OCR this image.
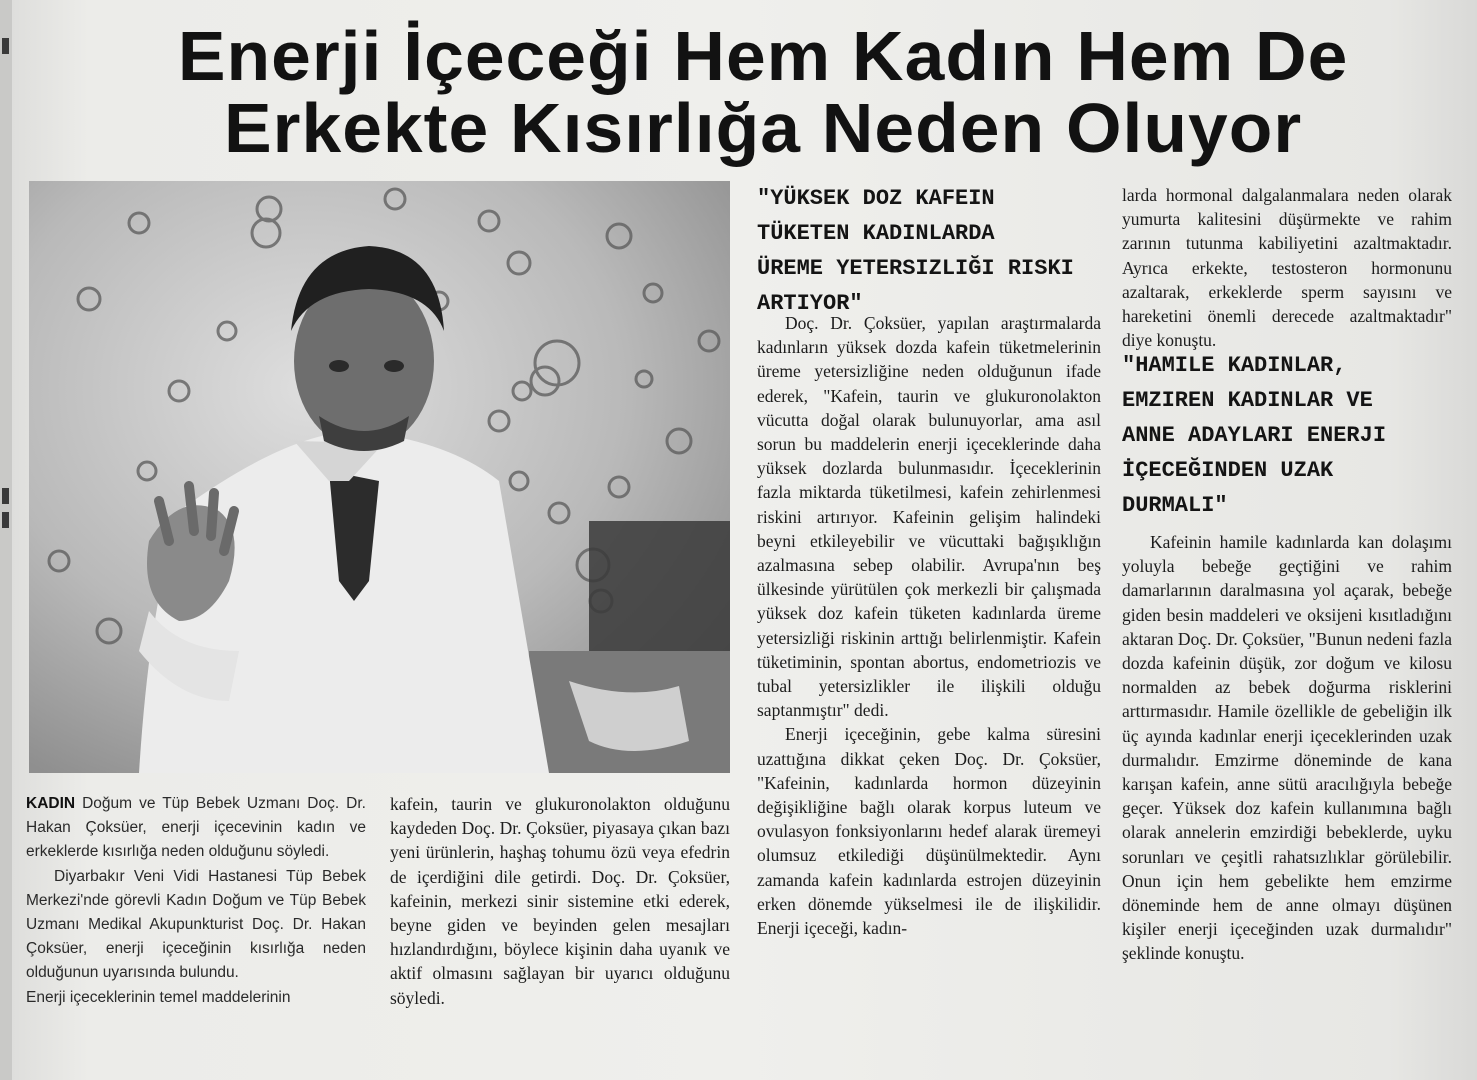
Enerji İçeceği Hem Kadın Hem De
Erkekte Kısırlığa Neden Oluyor

KADIN Doğum ve Tüp Bebek Uzmanı Doç. Dr. Hakan Çoksüer, enerji içecevinin kadın ve erkeklerde kısırlığa neden olduğunu söyledi.

Diyarbakır Veni Vidi Hastanesi Tüp Bebek Merkezi'nde görevli Kadın Doğum ve Tüp Bebek Uzmanı Medikal Akupunkturist Doç. Dr. Hakan Çoksüer, enerji içeceğinin kısırlığa neden olduğunun uyarısında bulundu.

Enerji içeceklerinin temel maddelerinin

kafein, taurin ve glukuronolakton olduğunu kaydeden Doç. Dr. Çoksüer, piyasaya çıkan bazı yeni ürünlerin, haşhaş tohumu özü veya efedrin de içerdiğini dile getirdi. Doç. Dr. Çoksüer, kafeinin, merkezi sinir sistemine etki ederek, beyne giden ve beyinden gelen mesajları hızlandırdığını, böylece kişinin daha uyanık ve aktif olmasını sağlayan bir uyarıcı olduğunu söyledi.

"YÜKSEK DOZ KAFEIN
TÜKETEN KADINLARDA
ÜREME YETERSIZLIĞI RISKI
ARTIYOR"

Doç. Dr. Çoksüer, yapılan araştırmalarda kadınların yüksek dozda kafein tüketmelerinin üreme yetersizliğine neden olduğunun ifade ederek, "Kafein, taurin ve glukuronolakton vücutta doğal olarak bulunuyorlar, ama asıl sorun bu maddelerin enerji içeceklerinde daha yüksek dozlarda bulunmasıdır. İçeceklerinin fazla miktarda tüketilmesi, kafein zehirlenmesi riskini artırıyor. Kafeinin gelişim halindeki beyni etkileyebilir ve vücuttaki bağışıklığın azalmasına sebep olabilir. Avrupa'nın beş ülkesinde yürütülen çok merkezli bir çalışmada yüksek doz kafein tüketen kadınlarda üreme yetersizliği riskinin arttığı belirlenmiştir. Kafein tüketiminin, spontan abortus, endometriozis ve tubal yetersizlikler ile ilişkili olduğu saptanmıştır" dedi.

Enerji içeceğinin, gebe kalma süresini uzattığına dikkat çeken Doç. Dr. Çoksüer, "Kafeinin, kadınlarda hormon düzeyinin değişikliğine bağlı olarak korpus luteum ve ovulasyon fonksiyonlarını hedef alarak üremeyi olumsuz etkilediği düşünülmektedir. Aynı zamanda kafein kadınlarda estrojen düzeyinin erken dönemde yükselmesi ile de ilişkilidir. Enerji içeceği, kadın-

larda hormonal dalgalanmalara neden olarak yumurta kalitesini düşürmekte ve rahim zarının tutunma kabiliyetini azaltmaktadır. Ayrıca erkekte, testosteron hormonunu azaltarak, erkeklerde sperm sayısını ve hareketini önemli derecede azaltmaktadır" diye konuştu.

"HAMILE KADINLAR,
EMZIREN KADINLAR VE
ANNE ADAYLARI ENERJI
İÇECEĞINDEN UZAK
DURMALI"

Kafeinin hamile kadınlarda kan dolaşımı yoluyla bebeğe geçtiğini ve rahim damarlarının daralmasına yol açarak, bebeğe giden besin maddeleri ve oksijeni kısıtladığını aktaran Doç. Dr. Çoksüer, "Bunun nedeni fazla dozda kafeinin düşük, zor doğum ve kilosu normalden az bebek doğurma risklerini arttırmasıdır. Hamile özellikle de gebeliğin ilk üç ayında kadınlar enerji içeceklerinden uzak durmalıdır. Emzirme döneminde de kana karışan kafein, anne sütü aracılığıyla bebeğe geçer. Yüksek doz kafein kullanımına bağlı olarak annelerin emzirdiği bebeklerde, uyku sorunları ve çeşitli rahatsızlıklar görülebilir. Onun için hem gebelikte hem emzirme döneminde hem de anne olmayı düşünen kişiler enerji içeceğinden uzak durmalıdır" şeklinde konuştu.
